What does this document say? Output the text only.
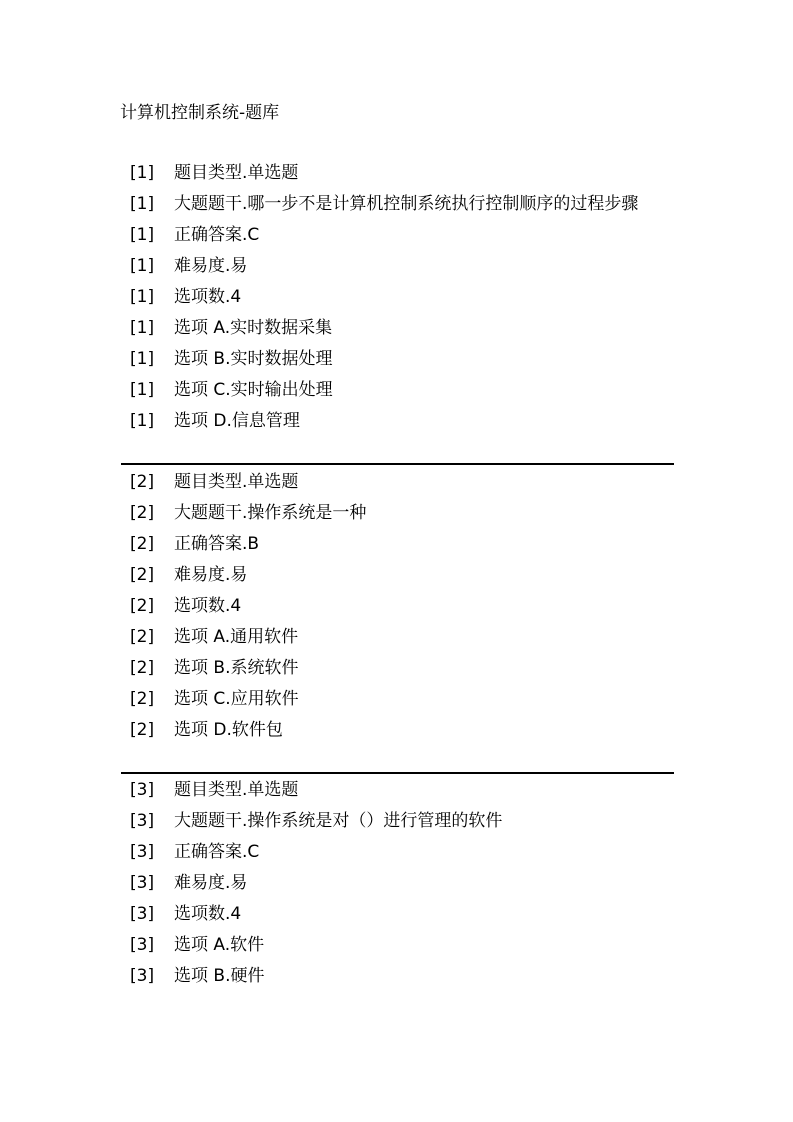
计算机控制系统-题库
[1] 题目类型.单选题
[1] 大题题干.哪一步不是计算机控制系统执行控制顺序的过程步骤
[1] 正确答案.C
[1] 难易度.易
[1] 选项数.4
[1] 选项 A.实时数据采集
[1] 选项 B.实时数据处理
[1] 选项 C.实时输出处理
[1] 选项 D.信息管理
[2] 题目类型.单选题
[2] 大题题干.操作系统是一种
[2] 正确答案.B
[2] 难易度.易
[2] 选项数.4
[2] 选项 A.通用软件
[2] 选项 B.系统软件
[2] 选项 C.应用软件
[2] 选项 D.软件包
[3] 题目类型.单选题
[3] 大题题干.操作系统是对（）进行管理的软件
[3] 正确答案.C
[3] 难易度.易
[3] 选项数.4
[3] 选项 A.软件
[3] 选项 B.硬件
